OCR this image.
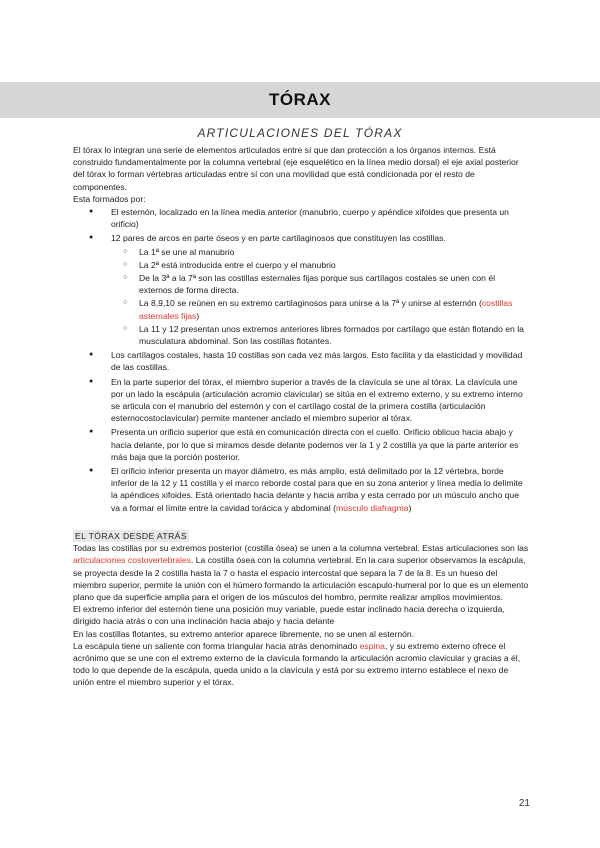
TÓRAX
ARTICULACIONES DEL TÓRAX

El tórax lo integran una serie de elementos articulados entre sí que dan protección a los órganos internos. Está construido fundamentalmente por la columna vertebral (eje esquelético en la línea medio dorsal) el eje axial posterior del tórax lo forman vértebras articuladas entre sí con una movilidad que está condicionada por el resto de componentes.

Esta formados por:

● El esternón, localizado en la línea media anterior (manubrio, cuerpo y apéndice xifoides que presenta un orificio)
● 12 pares de arcos en parte óseos y en parte cartilaginosos que constituyen las costillas.
○ La 1ª se une al manubrio
○ La 2ª está introducida entre el cuerpo y el manubrio
○ De la 3ª a la 7ª son las costillas esternales fijas porque sus cartílagos costales se unen con él externos de forma directa.
○ La 8,9,10 se reúnen en su extremo cartilaginosos para unirse a la 7ª y unirse al esternón (costillas asternales fijas)
○ La 11 y 12 presentan unos extremos anteriores libres formados por cartílago que están flotando en la musculatura abdominal. Son las costillas flotantes.
● Los cartílagos costales, hasta 10 costillas son cada vez más largos. Esto facilita y da elasticidad y movilidad de las costillas.
● En la parte superior del tórax, el miembro superior a través de la clavícula se une al tórax. La clavícula une por un lado la escápula (articulación acromio clavicular) se sitúa en el extremo externo, y su extremo interno se articula con el manubrio del esternón y con el cartílago costal de la primera costilla (articulación esternocostoclavicular) permite mantener anclado el miembro superior al tórax.
● Presenta un orificio superior que está en comunicación directa con el cuello. Orificio oblicuo hacia abajo y hacia delante, por lo que si miramos desde delante podemos ver la 1 y 2 costilla ya que la parte anterior es más baja que la porción posterior.
● El orificio inferior presenta un mayor diámetro, es más amplio, está delimitado por la 12 vértebra, borde inferior de la 12 y 11 costilla y el marco reborde costal para que en su zona anterior y línea media lo delimite la apéndices xifoides. Está orientado hacia delante y hacia arriba y esta cerrado por un músculo ancho que va a formar el límite entre la cavidad torácica y abdominal (músculo diafragma)
EL TÓRAX DESDE ATRÁS

Todas las costillas por su extremos posterior (costilla ósea) se unen a la columna vertebral. Estas articulaciones son las articulaciones costovertebrales. La costilla ósea con la columna vertebral. En la cara superior observamos la escápula, se proyecta desde la 2 costilla hasta la 7 o hasta el espacio intercostal que separa la 7 de la 8. Es un hueso del miembro superior, permite la unión con el húmero formando la articulación escapulo-humeral por lo que es un elemento plano que da superficie amplia para el origen de los músculos del hombro, permite realizar amplios movimientos.

El extremo inferior del esternón tiene una posición muy variable, puede estar inclinado hacia derecha o izquierda, dirigido hacia atrás o con una inclinación hacia abajo y hacia delante

En las costillas flotantes, su extremo anterior aparece libremente, no se unen al esternón.

La escápula tiene un saliente con forma triangular hacia atrás denominado espina, y su extremo externo ofrece el acrónimo que se une con el extremo externo de la clavícula formando la articulación acromio clavicular y gracias a él, todo lo que depende de la escápula, queda unido a la clavícula y está por su extremo interno establece el nexo de unión entre el miembro superior y el tórax.

21
